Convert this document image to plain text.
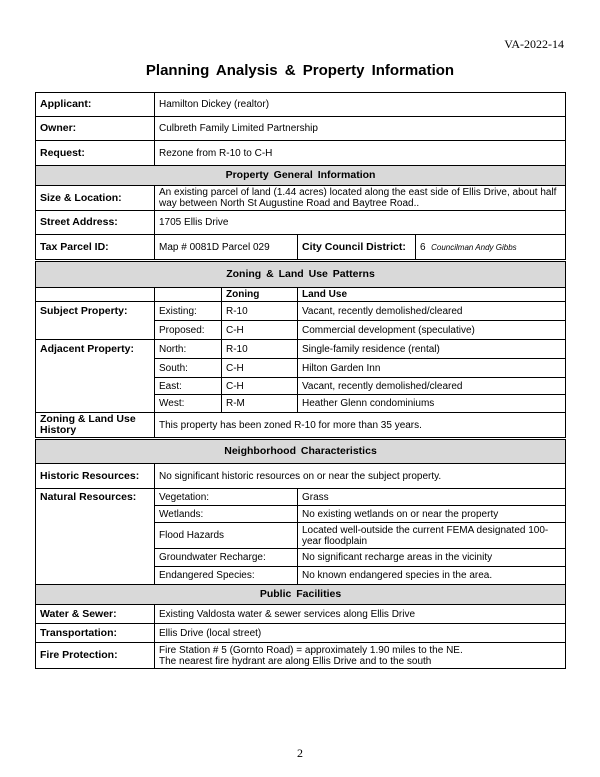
VA-2022-14
Planning Analysis & Property Information
Applicant:	Hamilton Dickey (realtor)			
Owner:	Culbreth Family Limited Partnership			
Request:	Rezone from R-10 to C-H			
Property General Information				
Size & Location:	An existing parcel of land (1.44 acres) located along the east side of Ellis Drive, about half way between North St Augustine Road and Baytree Road..			
Street Address:	1705 Ellis Drive			
Tax Parcel ID:	Map # 0081D Parcel 029		City Council District:	6 Councilman Andy Gibbs
Zoning & Land Use Patterns				
		Zoning	Land Use	
Subject Property:	Existing:	R-10	Vacant, recently demolished/cleared	
	Proposed:	C-H	Commercial development (speculative)	
Adjacent Property:	North:	R-10	Single-family residence (rental)	
	South:	C-H	Hilton Garden Inn	
	East:	C-H	Vacant, recently demolished/cleared	
	West:	R-M	Heather Glenn condominiums	
Zoning & Land Use History	This property has been zoned R-10 for more than 35 years.			
Neighborhood Characteristics				
Historic Resources:	No significant historic resources on or near the subject property.			
Natural Resources:	Vegetation:		Grass	
	Wetlands:		No existing wetlands on or near the property	
	Flood Hazards		Located well-outside the current FEMA designated 100-year floodplain	
	Groundwater Recharge:		No significant recharge areas in the vicinity	
	Endangered Species:		No known endangered species in the area.	
Public Facilities				
Water & Sewer:	Existing Valdosta water & sewer services along Ellis Drive			
Transportation:	Ellis Drive (local street)			
Fire Protection:	Fire Station # 5 (Gornto Road) = approximately 1.90 miles to the NE.
The nearest fire hydrant are along Ellis Drive and to the south			
2
